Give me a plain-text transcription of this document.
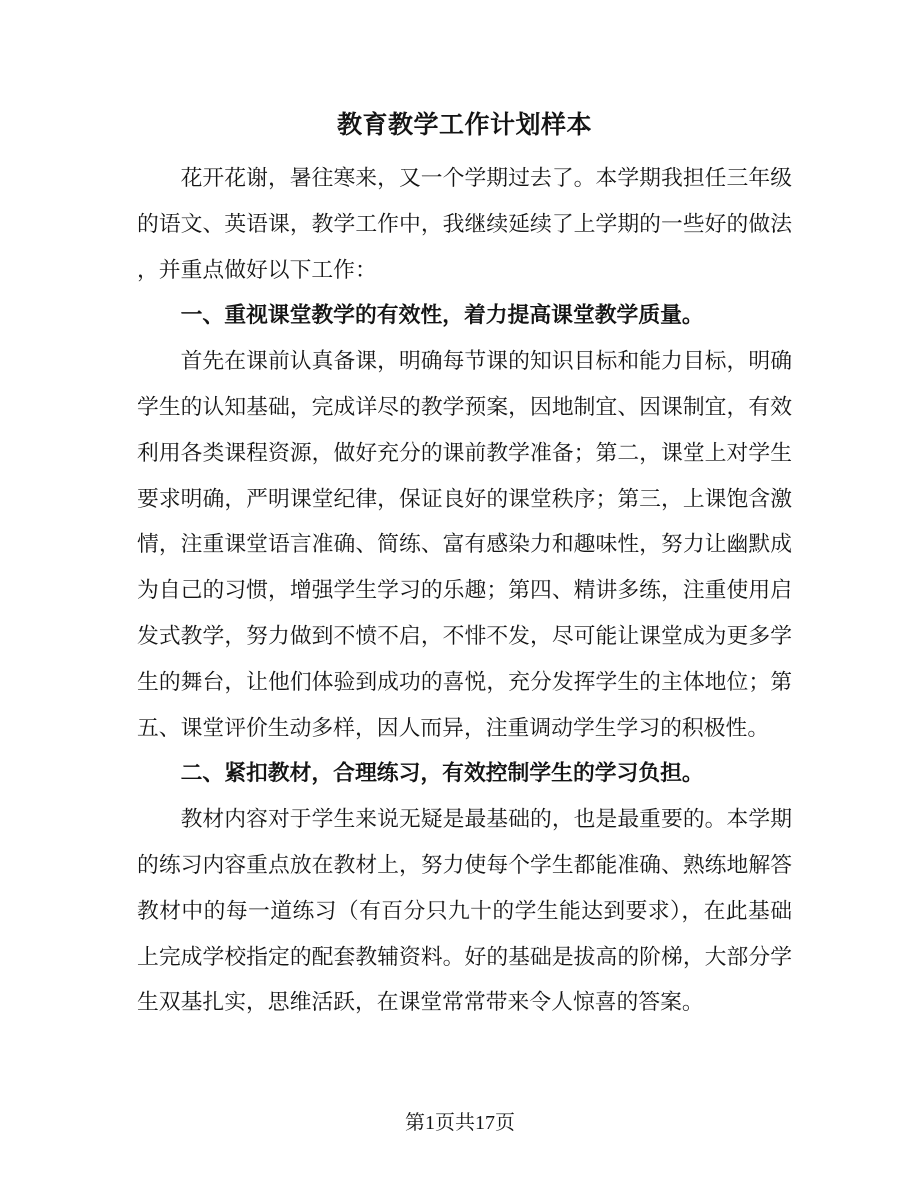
教育教学工作计划样本

花开花谢，暑往寒来，又一个学期过去了。本学期我担任三年级的语文、英语课，教学工作中，我继续延续了上学期的一些好的做法，并重点做好以下工作：

一、重视课堂教学的有效性，着力提高课堂教学质量。

首先在课前认真备课，明确每节课的知识目标和能力目标，明确学生的认知基础，完成详尽的教学预案，因地制宜、因课制宜，有效利用各类课程资源，做好充分的课前教学准备；第二，课堂上对学生要求明确，严明课堂纪律，保证良好的课堂秩序；第三，上课饱含激情，注重课堂语言准确、简练、富有感染力和趣味性，努力让幽默成为自己的习惯，增强学生学习的乐趣；第四、精讲多练，注重使用启发式教学，努力做到不愤不启，不悱不发，尽可能让课堂成为更多学生的舞台，让他们体验到成功的喜悦，充分发挥学生的主体地位；第五、课堂评价生动多样，因人而异，注重调动学生学习的积极性。

二、紧扣教材，合理练习，有效控制学生的学习负担。

教材内容对于学生来说无疑是最基础的，也是最重要的。本学期的练习内容重点放在教材上，努力使每个学生都能准确、熟练地解答教材中的每一道练习（有百分只九十的学生能达到要求），在此基础上完成学校指定的配套教辅资料。好的基础是拔高的阶梯，大部分学生双基扎实，思维活跃，在课堂常常带来令人惊喜的答案。

第1页共17页
